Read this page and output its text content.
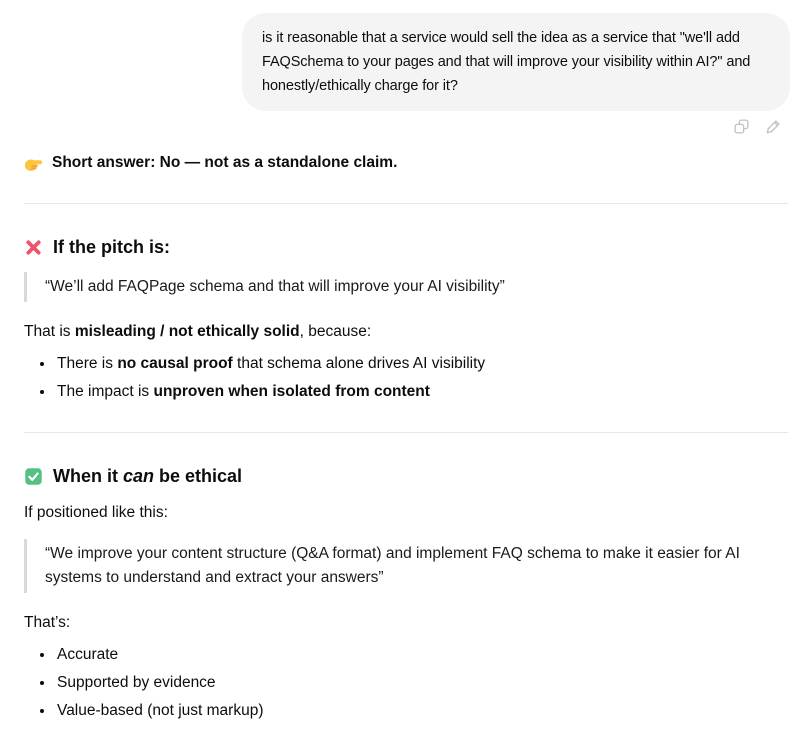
is it reasonable that a service would sell the idea as a service that "we'll add FAQSchema to your pages and that will improve your visibility within AI?" and honestly/ethically charge for it?

Short answer: No — not as a standalone claim.

If the pitch is:
“We’ll add FAQPage schema and that will improve your AI visibility”

That is misleading / not ethically solid, because:

• There is no causal proof that schema alone drives AI visibility
• The impact is unproven when isolated from content
When it can be ethical

If positioned like this:

“We improve your content structure (Q&A format) and implement FAQ schema to make it easier for AI systems to understand and extract your answers”

That’s:

• Accurate
• Supported by evidence
• Value-based (not just markup)
